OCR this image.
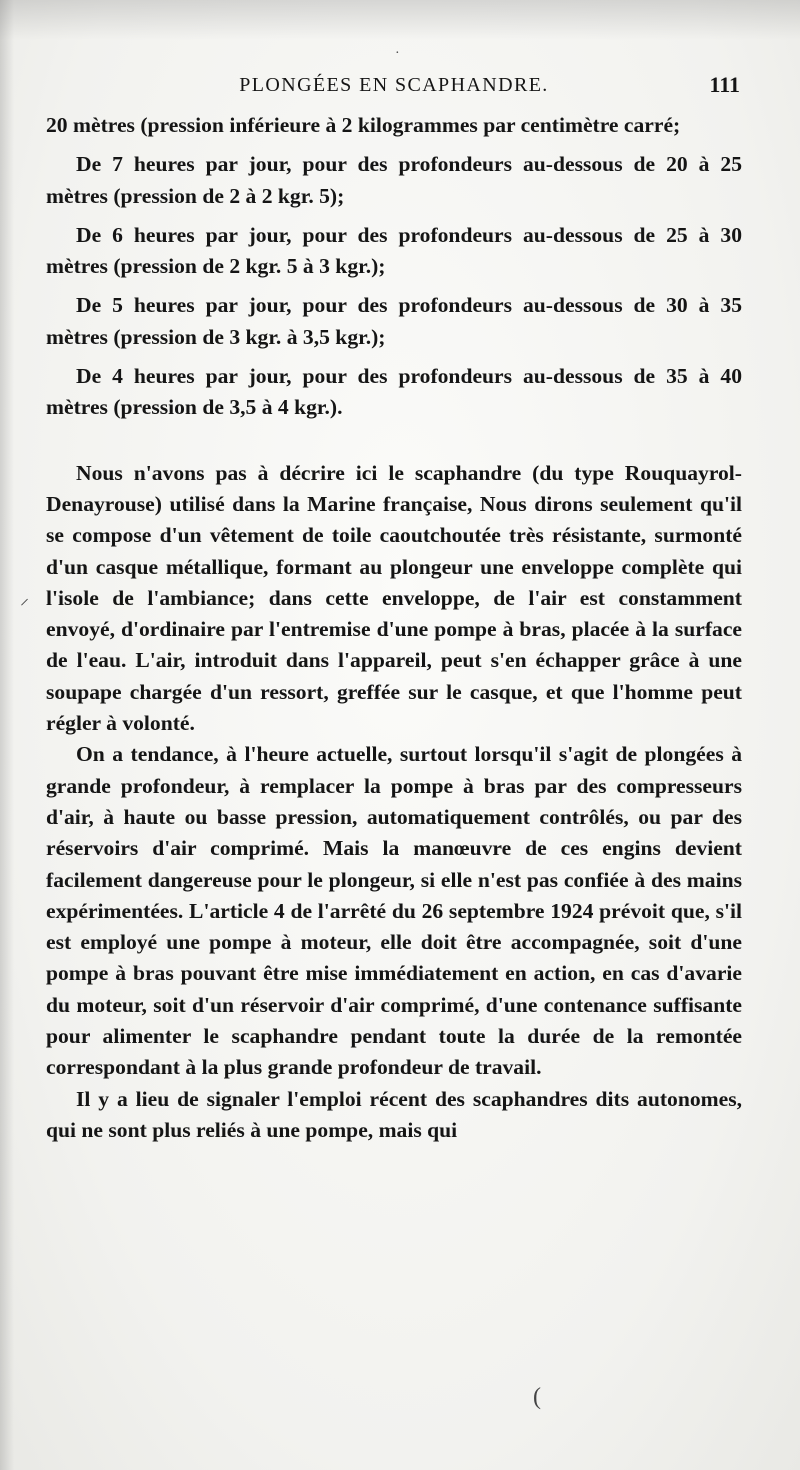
·
⸝
(
PLONGÉES EN SCAPHANDRE.	111

20 mètres (pression inférieure à 2 kilogrammes par centimètre carré;

De 7 heures par jour, pour des profondeurs au-dessous de 20 à 25 mètres (pression de 2 à 2 kgr. 5);

De 6 heures par jour, pour des profondeurs au-dessous de 25 à 30 mètres (pression de 2 kgr. 5 à 3 kgr.);

De 5 heures par jour, pour des profondeurs au-dessous de 30 à 35 mètres (pression de 3 kgr. à 3,5 kgr.);

De 4 heures par jour, pour des profondeurs au-dessous de 35 à 40 mètres (pression de 3,5 à 4 kgr.).

Nous n'avons pas à décrire ici le scaphandre (du type Rouquayrol-Denayrouse) utilisé dans la Marine française, Nous dirons seulement qu'il se compose d'un vêtement de toile caoutchoutée très résistante, surmonté d'un casque métallique, formant au plongeur une enveloppe complète qui l'isole de l'ambiance; dans cette enveloppe, de l'air est constamment envoyé, d'ordinaire par l'entremise d'une pompe à bras, placée à la surface de l'eau. L'air, introduit dans l'appareil, peut s'en échapper grâce à une soupape chargée d'un ressort, greffée sur le casque, et que l'homme peut régler à volonté.

On a tendance, à l'heure actuelle, surtout lorsqu'il s'agit de plongées à grande profondeur, à remplacer la pompe à bras par des compresseurs d'air, à haute ou basse pression, automatiquement contrôlés, ou par des réservoirs d'air comprimé. Mais la manœuvre de ces engins devient facilement dangereuse pour le plongeur, si elle n'est pas confiée à des mains expérimentées. L'article 4 de l'arrêté du 26 septembre 1924 prévoit que, s'il est employé une pompe à moteur, elle doit être accompagnée, soit d'une pompe à bras pouvant être mise immédiatement en action, en cas d'avarie du moteur, soit d'un réservoir d'air comprimé, d'une contenance suffisante pour alimenter le scaphandre pendant toute la durée de la remontée correspondant à la plus grande profondeur de travail.

Il y a lieu de signaler l'emploi récent des scaphandres dits autonomes, qui ne sont plus reliés à une pompe, mais qui
